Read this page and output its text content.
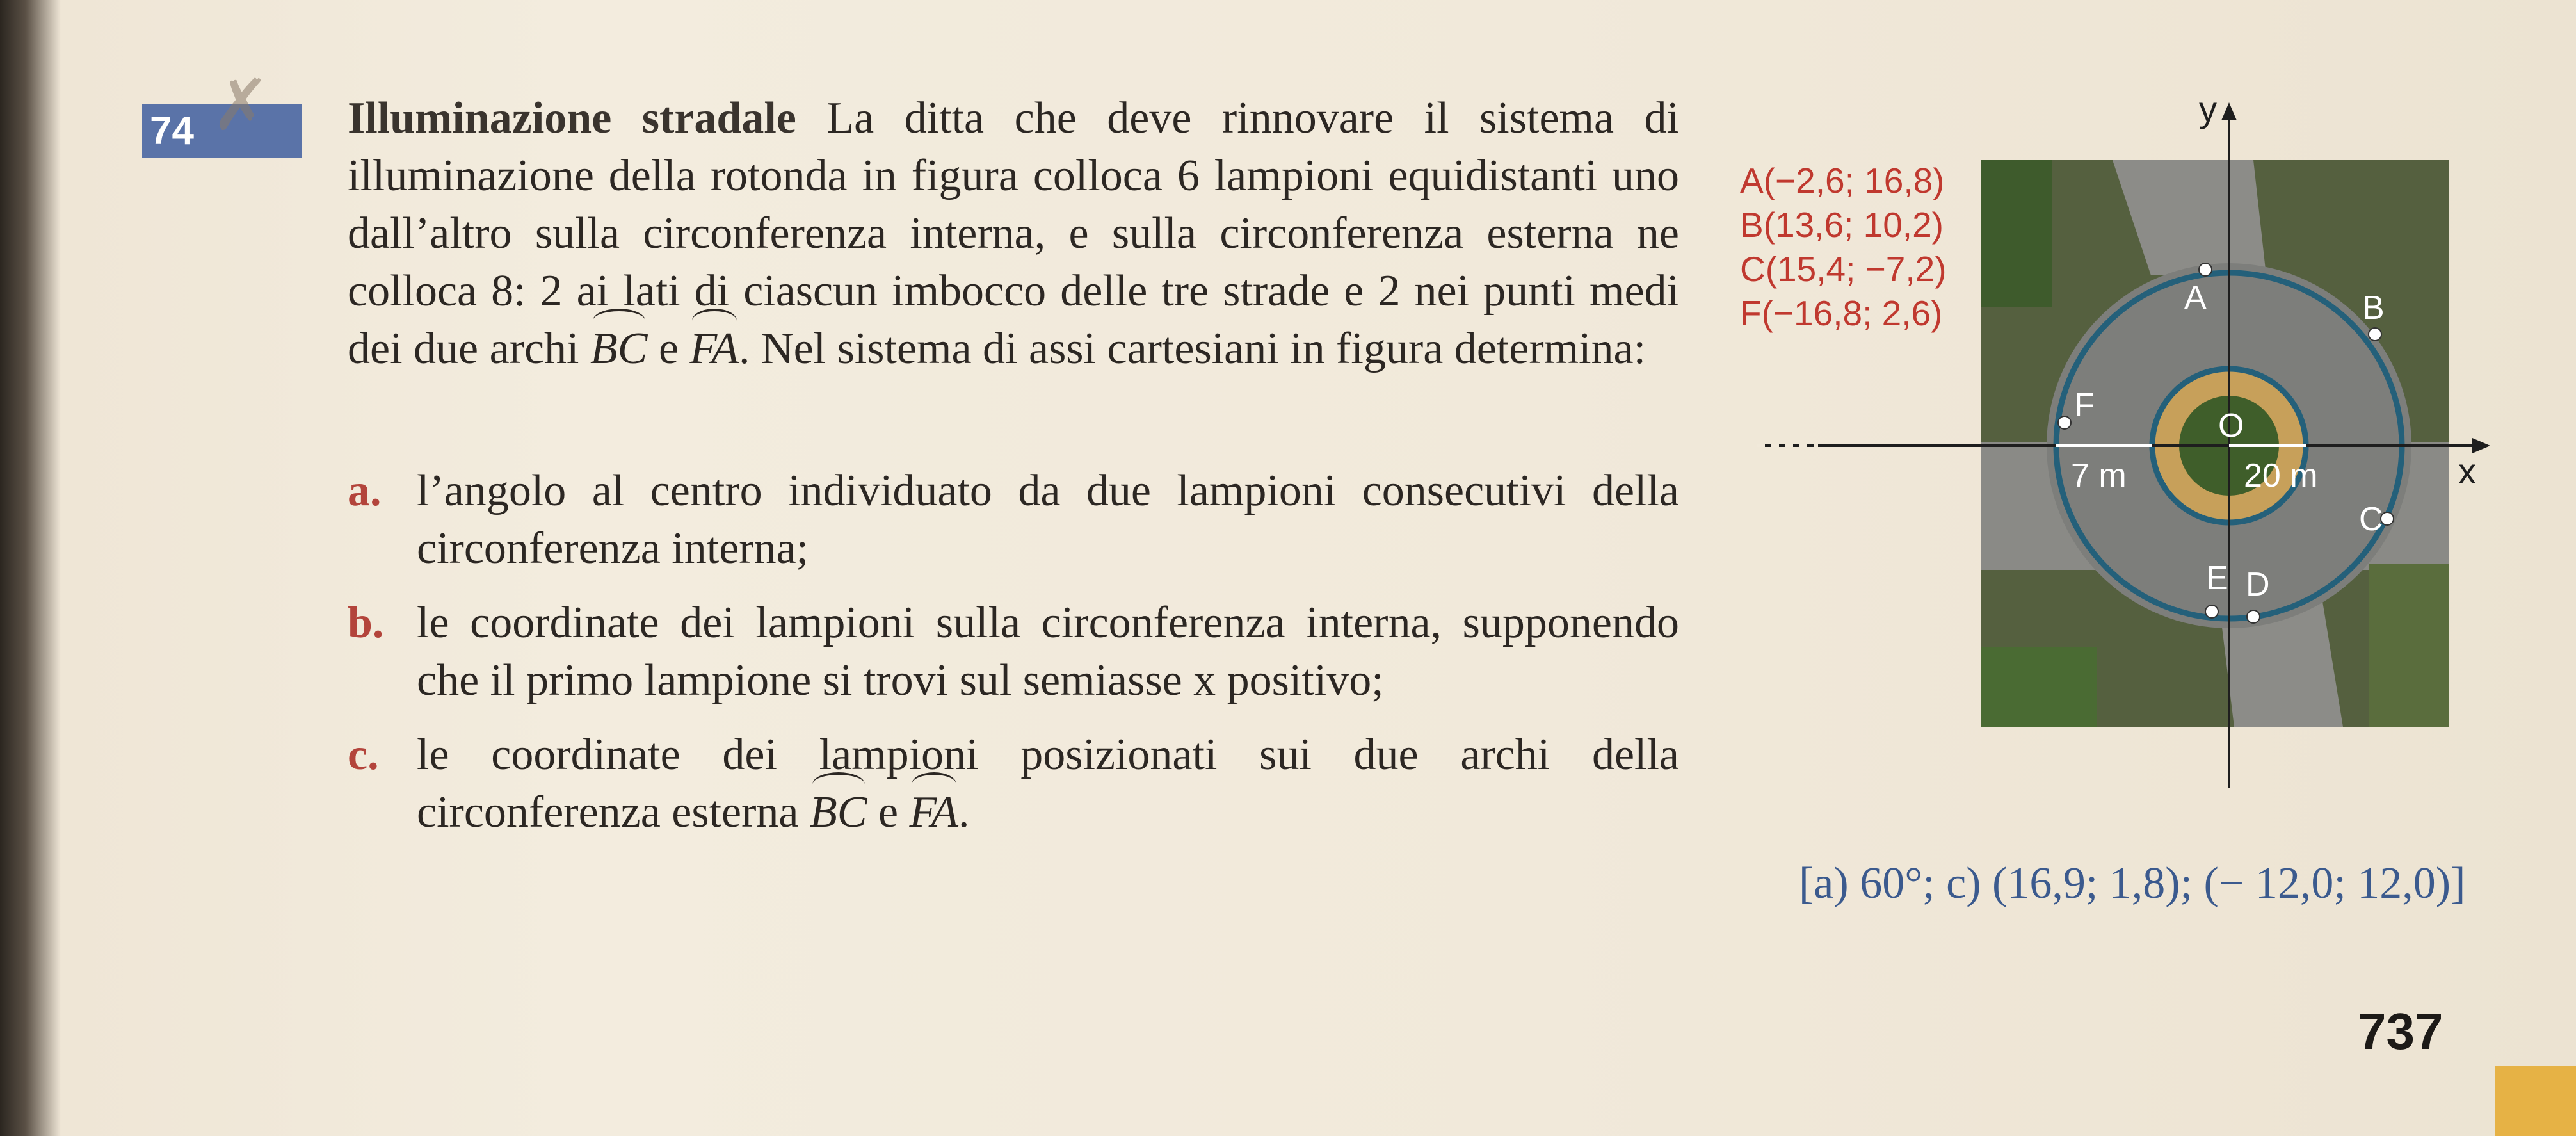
74 ✗	Illuminazione stradale La ditta che deve rinnovare il sistema di illuminazione della rotonda in figura colloca 6 lampioni equidistanti uno dall’altro sulla circonferenza interna, e sulla circonferenza esterna ne colloca 8: 2 ai lati di ciascun imbocco delle tre strade e 2 nei punti medi dei due archi BC e FA. Nel sistema di assi cartesiani in figura determina:
a. l’angolo al centro individuato da due lampioni consecutivi della circonferenza interna;
b. le coordinate dei lampioni sulla circonferenza interna, supponendo che il primo lampione si trovi sul semiasse x positivo;
c. le coordinate dei lampioni posizionati sui due archi della circonferenza esterna BC e FA.
A(−2,6; 16,8)
B(13,6; 10,2)
C(15,4; −7,2)
F(−16,8; 2,6)	A	B
C
D
E
F
O
20 m
7 m	x
y
[a) 60°; c) (16,9; 1,8); (− 12,0; 12,0)]
737
